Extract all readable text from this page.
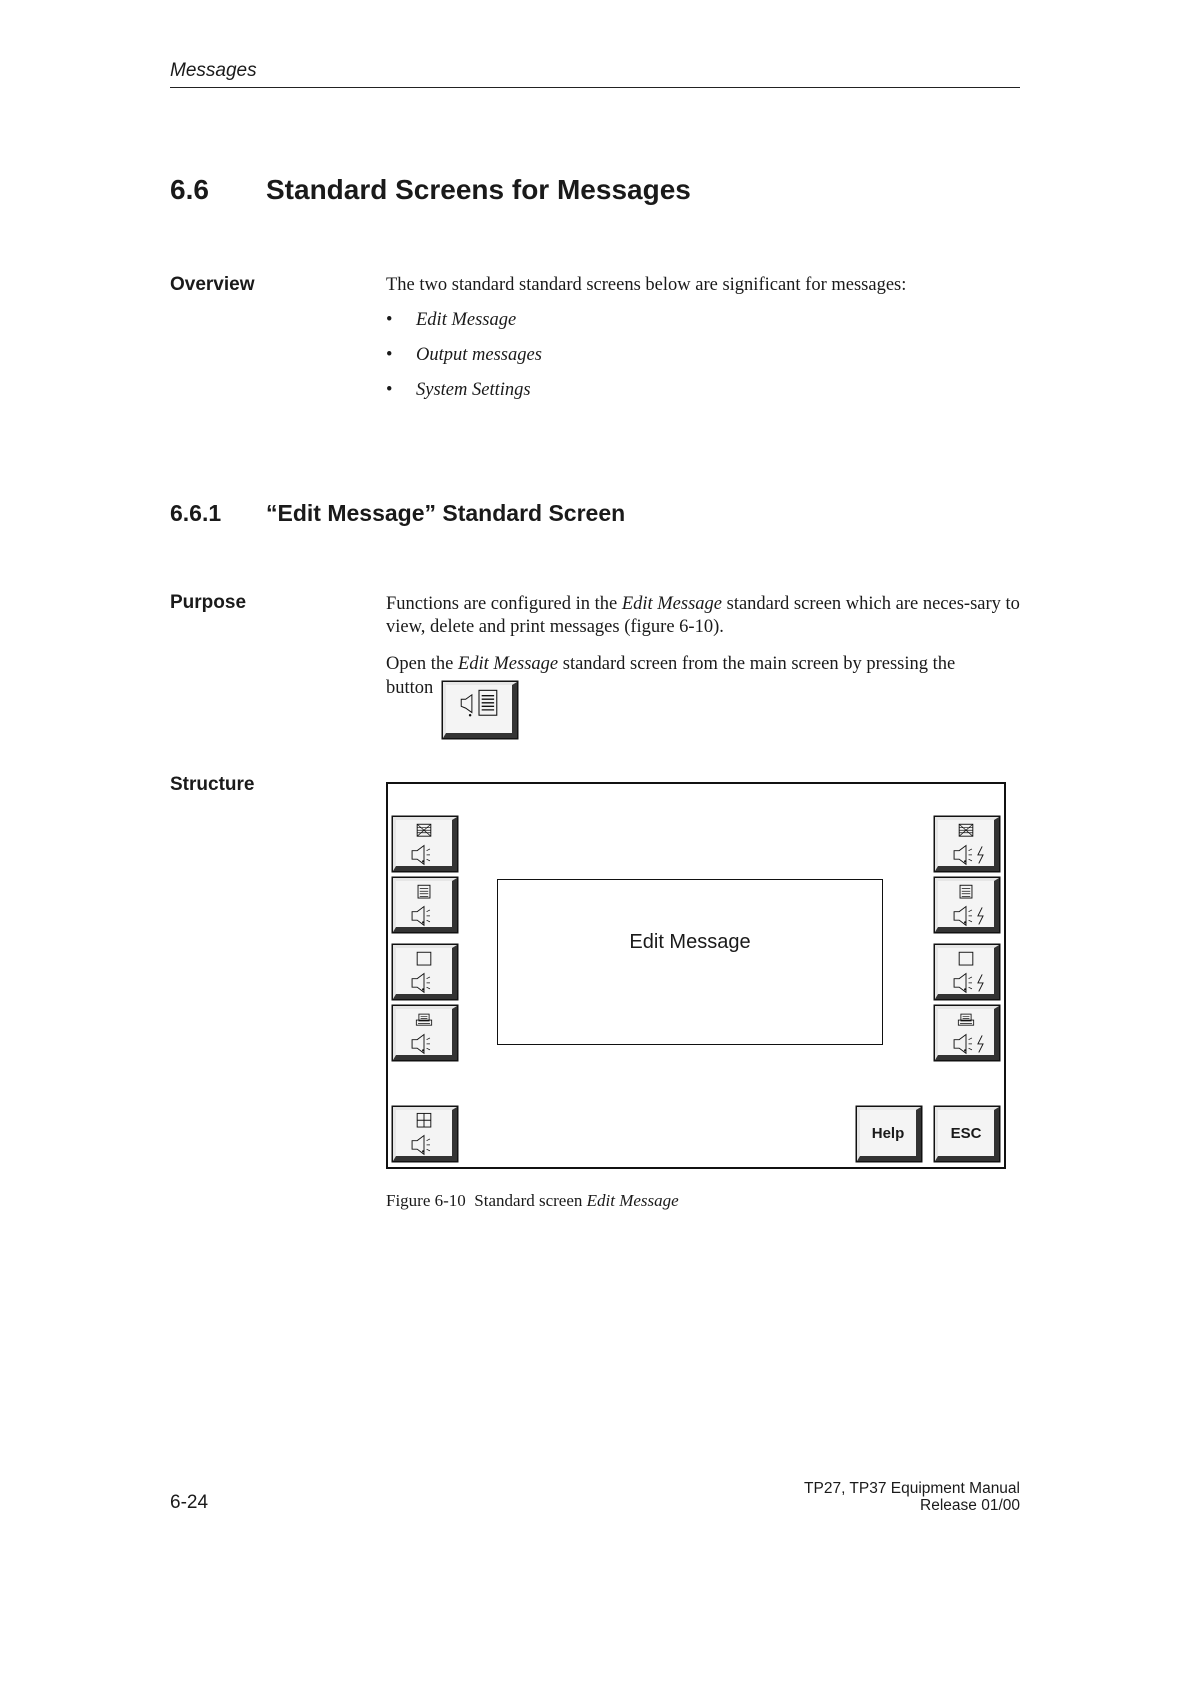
Messages
6.6 Standard Screens for Messages
Overview	The two standard standard screens below are significant for messages:
• Edit Message
• Output messages
• System Settings
6.6.1 “Edit Message” Standard Screen
Purpose	Functions are configured in the Edit Message standard screen which are neces-sary to view, delete and print messages (figure 6-10).
Open the Edit Message standard screen from the main screen by pressing the
button
Structure
Edit Message
Help	ESC
Figure 6-10 Standard screen Edit Message
6-24
TP27, TP37 Equipment Manual
Release 01/00
